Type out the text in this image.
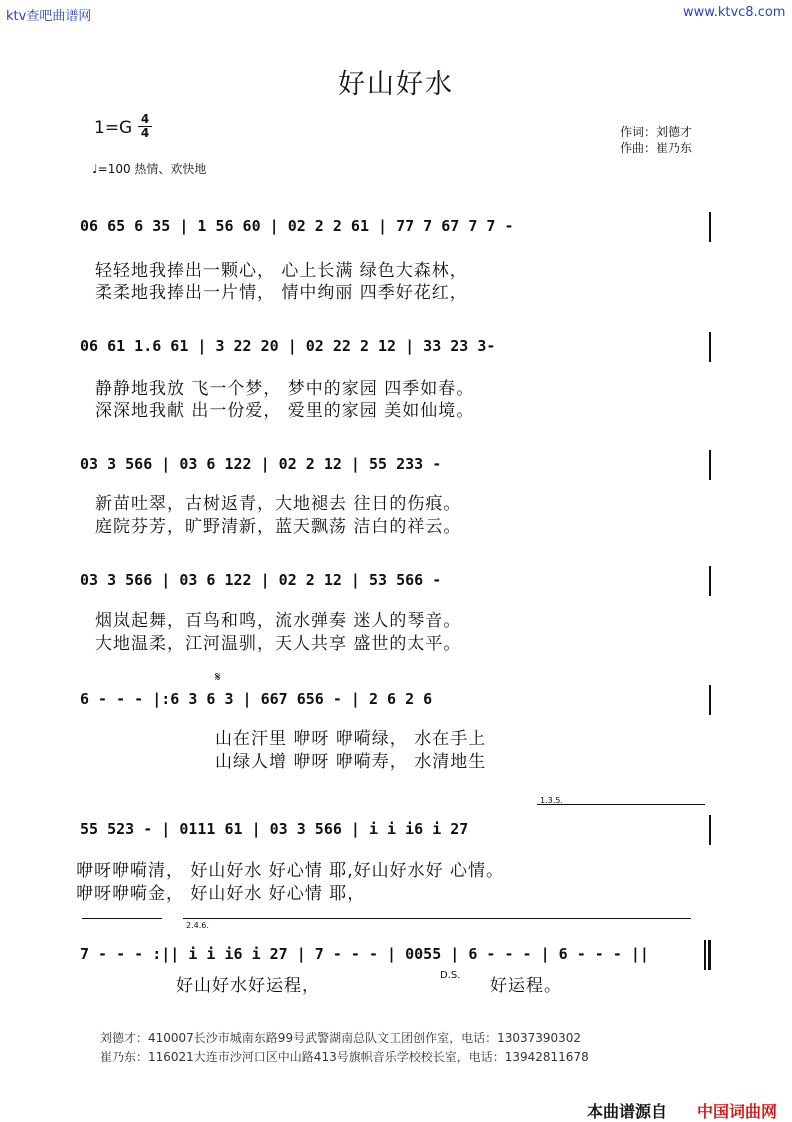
ktv查吧曲谱网	www.ktvc8.com
好山好水
1=G 4
4	作词：刘德才
作曲：崔乃东
♩=100 热情、欢快地
06 65 6 35 | 1 56 60 | 02 2 2 61 | 77 7 67 7 7 -
轻轻地我捧出一颗心， 心上长满 绿色大森林，
柔柔地我捧出一片情， 情中绚丽 四季好花红，
06 61 1.6 61 | 3 22 20 | 02 22 2 12 | 33 23 3-
静静地我放 飞一个梦， 梦中的家园 四季如春。
深深地我献 出一份爱， 爱里的家园 美如仙境。
03 3 566 | 03 6 122 | 02 2 12 | 55 233 -
新苗吐翠，古树返青，大地褪去 往日的伤痕。
庭院芬芳，旷野清新，蓝天飘荡 洁白的祥云。
03 3 566 | 03 6 122 | 02 2 12 | 53 566 -
烟岚起舞，百鸟和鸣，流水弹奏 迷人的琴音。
大地温柔，江河温驯，天人共享 盛世的太平。
𝄋
6 - - - |:6 3 6 3 | 667 656 - | 2 6 2 6
山在汗里 咿呀 咿嗬绿， 水在手上
山绿人增 咿呀 咿嗬寿， 水清地生
1.3.5.
55 523 - | 0111 61 | 03 3 566 | i i i6 i 27
咿呀咿嗬清， 好山好水 好心情 耶,好山好水好 心情。
咿呀咿嗬金， 好山好水 好心情 耶，
2.4.6.
7 - - - :|| i i i6 i 27 | 7 - - - | 0055 | 6 - - - | 6 - - - ||
好山好水好运程，
D.S.
好运程。
刘德才：410007长沙市城南东路99号武警湖南总队文工团创作室，电话：13037390302
崔乃东：116021大连市沙河口区中山路413号旗帜音乐学校校长室，电话：13942811678
本曲谱源自 中国词曲网
